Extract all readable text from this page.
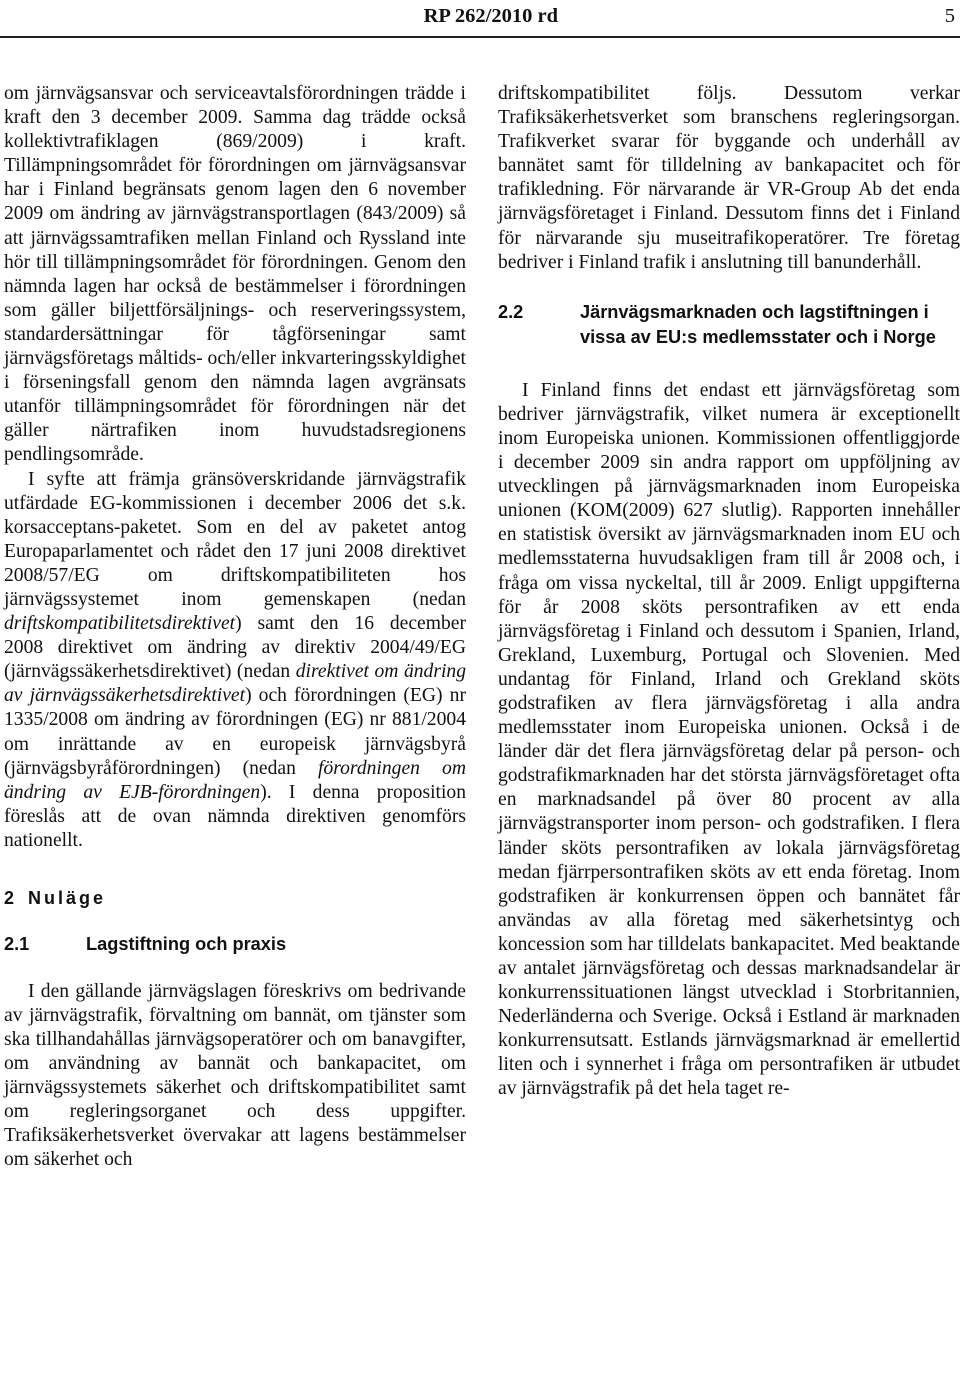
RP 262/2010 rd	5

om järnvägsansvar och serviceavtalsförordningen trädde i kraft den 3 december 2009. Samma dag trädde också kollektivtrafiklagen (869/2009) i kraft. Tillämpningsområdet för förordningen om järnvägsansvar har i Finland begränsats genom lagen den 6 november 2009 om ändring av järnvägstransportlagen (843/2009) så att järnvägssamtrafiken mellan Finland och Ryssland inte hör till tillämpningsområdet för förordningen. Genom den nämnda lagen har också de bestämmelser i förordningen som gäller biljettförsäljnings- och reserveringssystem, standardersättningar för tågförseningar samt järnvägsföretags måltids- och/eller inkvarteringsskyldighet i förseningsfall genom den nämnda lagen avgränsats utanför tillämpningsområdet för förordningen när det gäller närtrafiken inom huvudstadsregionens pendlingsområde.

I syfte att främja gränsöverskridande järnvägstrafik utfärdade EG-kommissionen i december 2006 det s.k. korsacceptans-paketet. Som en del av paketet antog Europaparlamentet och rådet den 17 juni 2008 direktivet 2008/57/EG om driftskompatibiliteten hos järnvägssystemet inom gemenskapen (nedan driftskompatibilitetsdirektivet) samt den 16 december 2008 direktivet om ändring av direktiv 2004/49/EG (järnvägssäkerhetsdirektivet) (nedan direktivet om ändring av järnvägssäkerhetsdirektivet) och förordningen (EG) nr 1335/2008 om ändring av förordningen (EG) nr 881/2004 om inrättande av en europeisk järnvägsbyrå (järnvägsbyråförordningen) (nedan förordningen om ändring av EJB-förordningen). I denna proposition föreslås att de ovan nämnda direktiven genomförs nationellt.

2 Nuläge
2.1	Lagstiftning och praxis

I den gällande järnvägslagen föreskrivs om bedrivande av järnvägstrafik, förvaltning om bannät, om tjänster som ska tillhandahållas järnvägsoperatörer och om banavgifter, om användning av bannät och bankapacitet, om järnvägssystemets säkerhet och driftskompatibilitet samt om regleringsorganet och dess uppgifter. Trafiksäkerhetsverket övervakar att lagens bestämmelser om säkerhet och

driftskompatibilitet följs. Dessutom verkar Trafiksäkerhetsverket som branschens regleringsorgan. Trafikverket svarar för byggande och underhåll av bannätet samt för tilldelning av bankapacitet och för trafikledning. För närvarande är VR-Group Ab det enda järnvägsföretaget i Finland. Dessutom finns det i Finland för närvarande sju museitrafikoperatörer. Tre företag bedriver i Finland trafik i anslutning till banunderhåll.

2.2	Järnvägsmarknaden och lagstiftningen i vissa av EU:s medlemsstater och i Norge

I Finland finns det endast ett järnvägsföretag som bedriver järnvägstrafik, vilket numera är exceptionellt inom Europeiska unionen. Kommissionen offentliggjorde i december 2009 sin andra rapport om uppföljning av utvecklingen på järnvägsmarknaden inom Europeiska unionen (KOM(2009) 627 slutlig). Rapporten innehåller en statistisk översikt av järnvägsmarknaden inom EU och medlemsstaterna huvudsakligen fram till år 2008 och, i fråga om vissa nyckeltal, till år 2009. Enligt uppgifterna för år 2008 sköts persontrafiken av ett enda järnvägsföretag i Finland och dessutom i Spanien, Irland, Grekland, Luxemburg, Portugal och Slovenien. Med undantag för Finland, Irland och Grekland sköts godstrafiken av flera järnvägsföretag i alla andra medlemsstater inom Europeiska unionen. Också i de länder där det flera järnvägsföretag delar på person- och godstrafikmarknaden har det största järnvägsföretaget ofta en marknadsandel på över 80 procent av alla järnvägstransporter inom person- och godstrafiken. I flera länder sköts persontrafiken av lokala järnvägsföretag medan fjärrpersontrafiken sköts av ett enda företag. Inom godstrafiken är konkurrensen öppen och bannätet får användas av alla företag med säkerhetsintyg och koncession som har tilldelats bankapacitet. Med beaktande av antalet järnvägsföretag och dessas marknadsandelar är konkurrenssituationen längst utvecklad i Storbritannien, Nederländerna och Sverige. Också i Estland är marknaden konkurrensutsatt. Estlands järnvägsmarknad är emellertid liten och i synnerhet i fråga om persontrafiken är utbudet av järnvägstrafik på det hela taget re-
